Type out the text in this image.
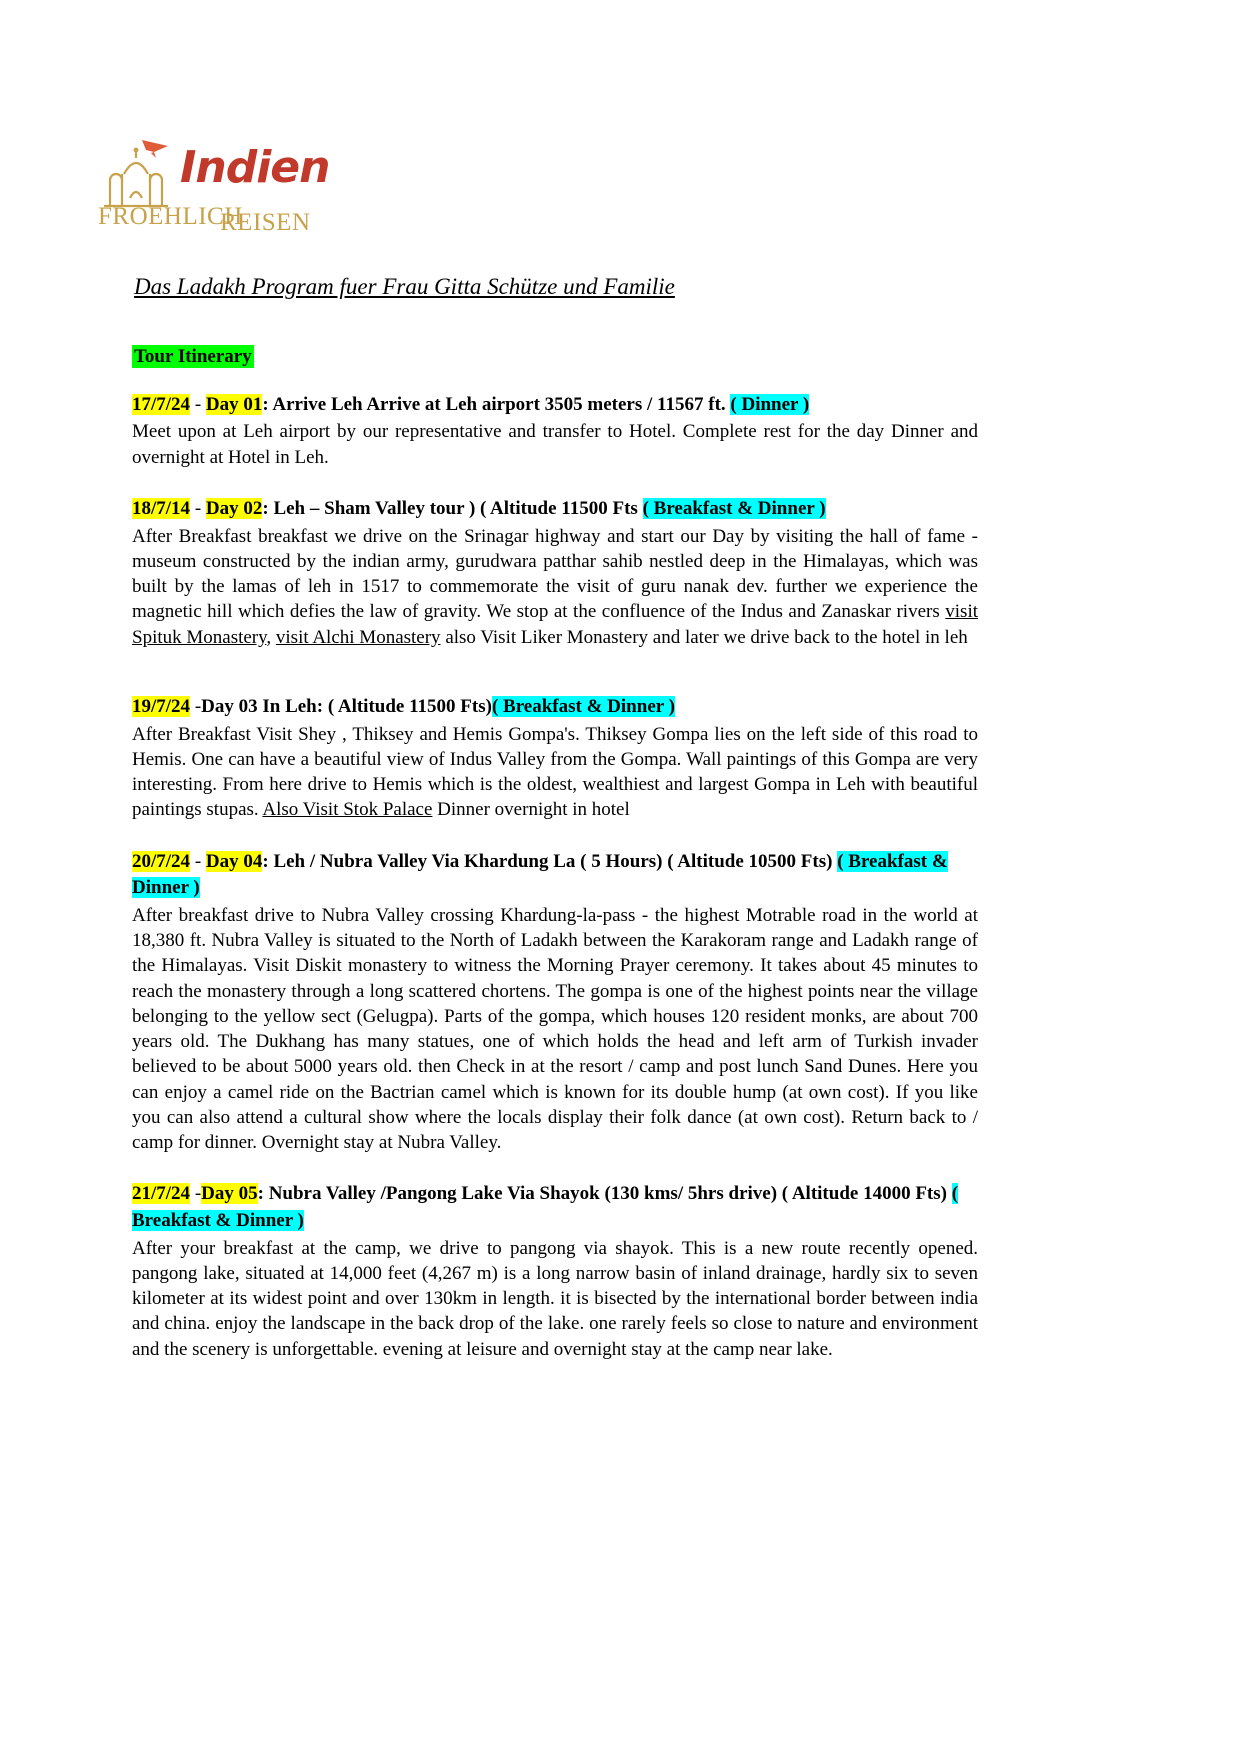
Indien
FROEHLICH
REISEN
Das Ladakh Program fuer Frau Gitta Schütze und Familie
Tour Itinerary
17/7/24 - Day 01: Arrive Leh Arrive at Leh airport 3505 meters / 11567 ft. ( Dinner )
Meet upon at Leh airport by our representative and transfer to Hotel. Complete rest for the day Dinner and overnight at Hotel in Leh.
18/7/14 - Day 02: Leh – Sham Valley tour ) ( Altitude 11500 Fts ( Breakfast & Dinner )
After Breakfast breakfast we drive on the Srinagar highway and start our Day by visiting the hall of fame - museum constructed by the indian army, gurudwara patthar sahib nestled deep in the Himalayas, which was built by the lamas of leh in 1517 to commemorate the visit of guru nanak dev. further we experience the magnetic hill which defies the law of gravity. We stop at the confluence of the Indus and Zanaskar rivers visit Spituk Monastery, visit Alchi Monastery also Visit Liker Monastery and later we drive back to the hotel in leh
19/7/24 -Day 03 In Leh: ( Altitude 11500 Fts)( Breakfast & Dinner )
After Breakfast Visit Shey , Thiksey and Hemis Gompa's. Thiksey Gompa lies on the left side of this road to Hemis. One can have a beautiful view of Indus Valley from the Gompa. Wall paintings of this Gompa are very interesting. From here drive to Hemis which is the oldest, wealthiest and largest Gompa in Leh with beautiful paintings stupas. Also Visit Stok Palace Dinner overnight in hotel
20/7/24 - Day 04: Leh / Nubra Valley Via Khardung La ( 5 Hours) ( Altitude 10500 Fts) ( Breakfast & Dinner )
After breakfast drive to Nubra Valley crossing Khardung-la-pass - the highest Motrable road in the world at 18,380 ft. Nubra Valley is situated to the North of Ladakh between the Karakoram range and Ladakh range of the Himalayas. Visit Diskit monastery to witness the Morning Prayer ceremony. It takes about 45 minutes to reach the monastery through a long scattered chortens. The gompa is one of the highest points near the village belonging to the yellow sect (Gelugpa). Parts of the gompa, which houses 120 resident monks, are about 700 years old. The Dukhang has many statues, one of which holds the head and left arm of Turkish invader believed to be about 5000 years old. then Check in at the resort / camp and post lunch Sand Dunes. Here you can enjoy a camel ride on the Bactrian camel which is known for its double hump (at own cost). If you like you can also attend a cultural show where the locals display their folk dance (at own cost). Return back to / camp for dinner. Overnight stay at Nubra Valley.
21/7/24 -Day 05: Nubra Valley /Pangong Lake Via Shayok (130 kms/ 5hrs drive) ( Altitude 14000 Fts) ( Breakfast & Dinner )
After your breakfast at the camp, we drive to pangong via shayok. This is a new route recently opened. pangong lake, situated at 14,000 feet (4,267 m) is a long narrow basin of inland drainage, hardly six to seven kilometer at its widest point and over 130km in length. it is bisected by the international border between india and china. enjoy the landscape in the back drop of the lake. one rarely feels so close to nature and environment and the scenery is unforgettable. evening at leisure and overnight stay at the camp near lake.
